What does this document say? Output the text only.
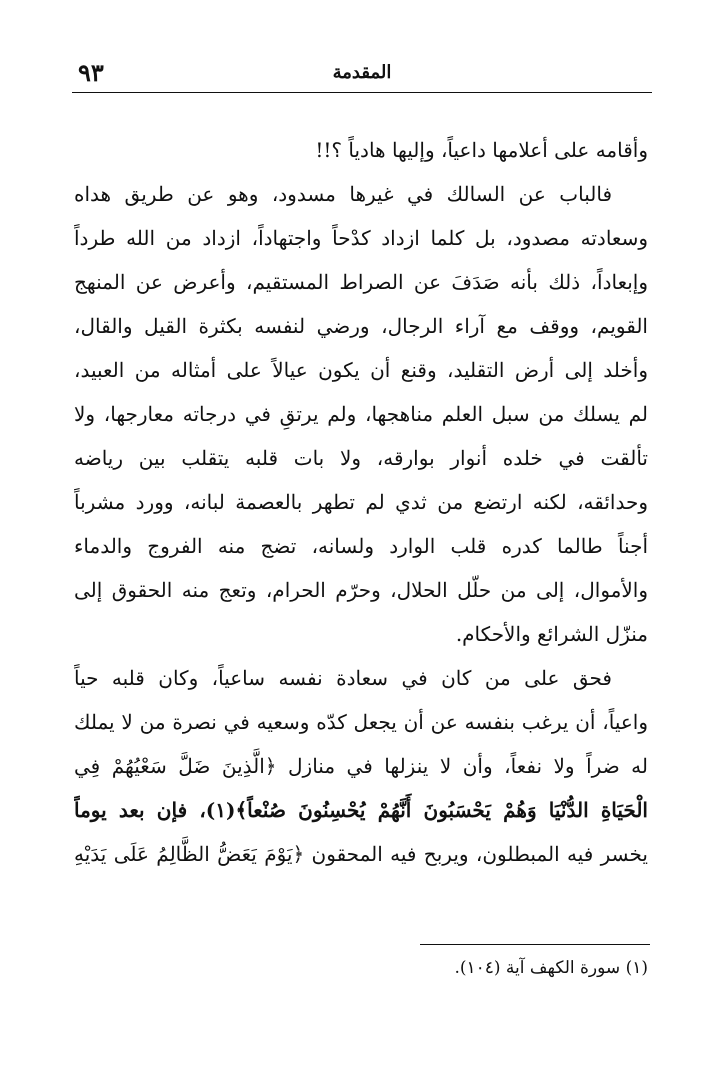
المقدمة
٩٣
وأقامه على أعلامها داعياً، وإليها هادياً ؟!!
فالباب عن السالك في غيرها مسدود، وهو عن طريق هداه
وسعادته مصدود، بل كلما ازداد كدْحاً واجتهاداً، ازداد من الله طرداً
وإبعاداً، ذلك بأنه صَدَفَ عن الصراط المستقيم، وأعرض عن المنهج
القويم، ووقف مع آراء الرجال، ورضي لنفسه بكثرة القيل والقال،
وأخلد إلى أرض التقليد، وقنع أن يكون عيالاً على أمثاله من العبيد،
لم يسلك من سبل العلم مناهجها، ولم يرتقِ في درجاته معارجها، ولا
تألقت في خلده أنوار بوارقه، ولا بات قلبه يتقلب بين رياضه
وحدائقه، لكنه ارتضع من ثدي لم تطهر بالعصمة لبانه، وورد مشرباً
أجناً طالما كدره قلب الوارد ولسانه، تضج منه الفروج والدماء
والأموال، إلى من حلّل الحلال، وحرّم الحرام، وتعج منه الحقوق إلى
منزّل الشرائع والأحكام.
فحق على من كان في سعادة نفسه ساعياً، وكان قلبه حياً
واعياً، أن يرغب بنفسه عن أن يجعل كدّه وسعيه في نصرة من لا يملك
له ضراً ولا نفعاً، وأن لا ينزلها في منازل ﴿الَّذِينَ ضَلَّ سَعْيُهُمْ فِي
الْحَيَاةِ الدُّنْيَا وَهُمْ يَحْسَبُونَ أَنَّهُمْ يُحْسِنُونَ صُنْعاً﴾(١)، فإن بعد يوماً
يخسر فيه المبطلون، ويربح فيه المحقون ﴿يَوْمَ يَعَضُّ الظَّالِمُ عَلَى يَدَيْهِ
(١) سورة الكهف آية (١٠٤).
